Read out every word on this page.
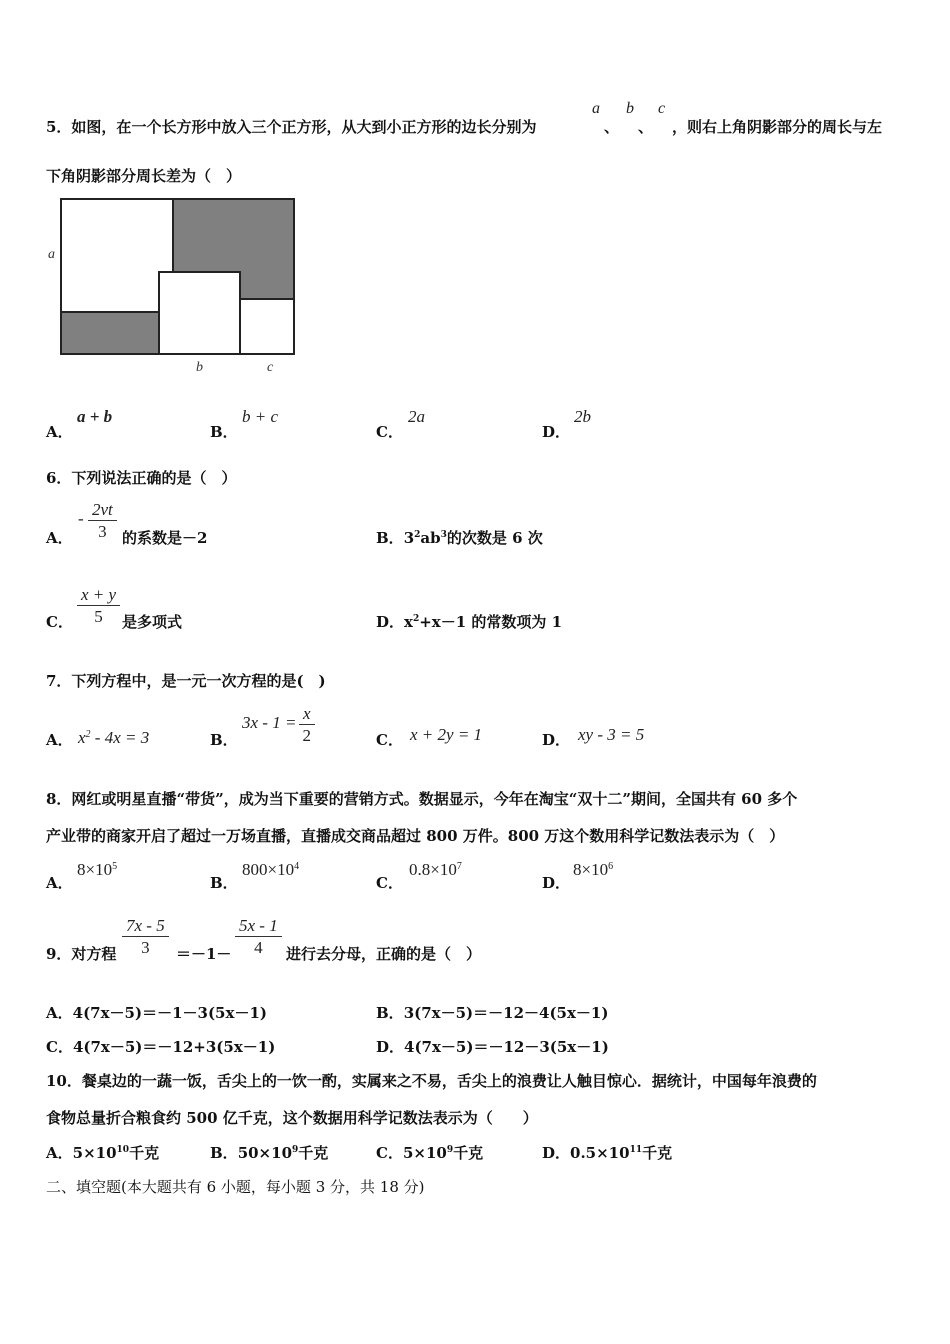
5．如图，在一个长方形中放入三个正方形，从大到小正方形的边长分别为
a
、
b
、
c
，则右上角阴影部分的周长与左
下角阴影部分周长差为（　）
a
b	c
A．
a + b
B．
b + c
C．
2a
D．
2b
6．下列说法正确的是（　）
A．
- $\frac{2vt}{3}$ 的系数是－2	B．$3^2ab^3$的次数是 6 次
C． $\frac{x + y}{5}$ 是多项式	D．$x^2+x-1$ 的常数项为 1
7．下列方程中，是一元一次方程的是(　)
A． $x^2 - 4x = 3$	B．
$3x - 1 = \frac{x}{2}$	C． x + 2y = 1	D． xy - 3 = 5
8．网红或明星直播“带货”，成为当下重要的营销方式。数据显示，今年在淘宝“双十二”期间，全国共有 60 多个
产业带的商家开启了超过一万场直播，直播成交商品超过 800 万件。800 万这个数用科学记数法表示为（　）
A．
$8\times 10^5$
B．
$800\times 10^4$
C．
$0.8\times 10^7$
D．
$8\times 10^6$
9．对方程 $\frac{7x - 5}{3} =-1- \frac{5x - 1}{4}$ 进行去分母，正确的是（　）
A．4(7x－5)＝－1－3(5x－1)	B．3(7x－5)＝－12－4(5x－1)
C．4(7x－5)＝－12+3(5x－1)	D．4(7x－5)＝－12－3(5x－1)
10．餐桌边的一蔬一饭，舌尖上的一饮一酌，实属来之不易，舌尖上的浪费让人触目惊心．据统计，中国每年浪费的
食物总量折合粮食约 500 亿千克，这个数据用科学记数法表示为（　　）
A．$5\times 10^{10}$千克	B．$50\times 10^9$千克	C．$5\times 10^9$千克	D．$0.5\times 10^{11}$千克
二、填空题(本大题共有 6 小题，每小题 3 分，共 18 分)
